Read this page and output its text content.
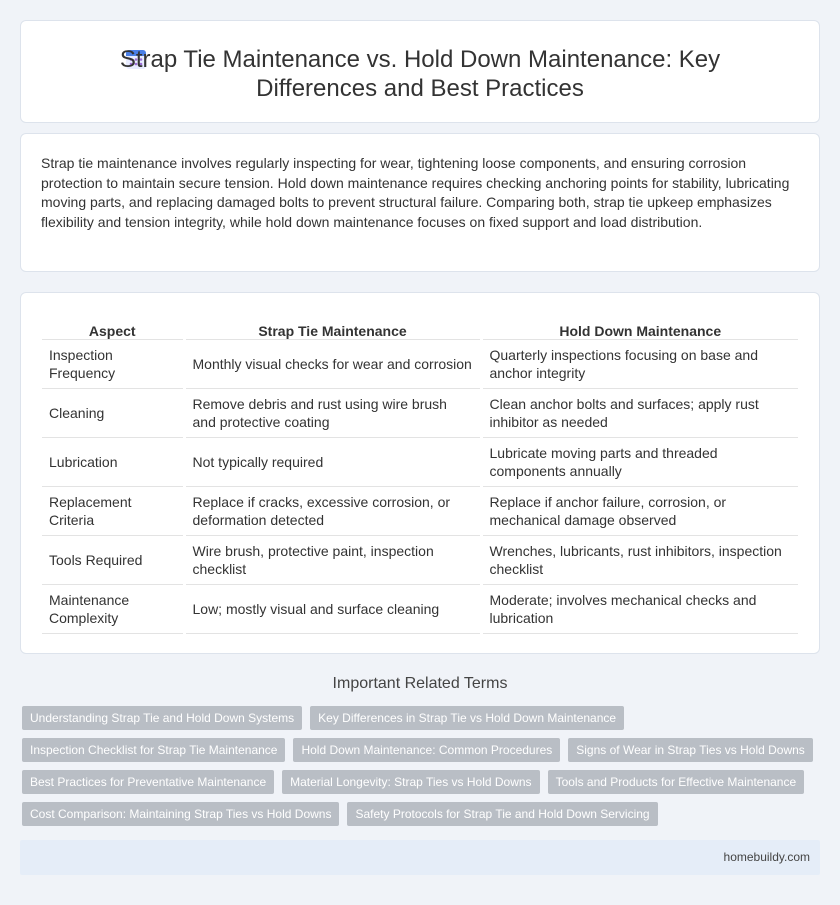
Strap Tie Maintenance vs. Hold Down Maintenance: Key Differences and Best Practices

Strap tie maintenance involves regularly inspecting for wear, tightening loose components, and ensuring corrosion protection to maintain secure tension. Hold down maintenance requires checking anchoring points for stability, lubricating moving parts, and replacing damaged bolts to prevent structural failure. Comparing both, strap tie upkeep emphasizes flexibility and tension integrity, while hold down maintenance focuses on fixed support and load distribution.

Aspect	Strap Tie Maintenance	Hold Down Maintenance
Inspection Frequency	Monthly visual checks for wear and corrosion	Quarterly inspections focusing on base and anchor integrity
Cleaning	Remove debris and rust using wire brush and protective coating	Clean anchor bolts and surfaces; apply rust inhibitor as needed
Lubrication	Not typically required	Lubricate moving parts and threaded components annually
Replacement Criteria	Replace if cracks, excessive corrosion, or deformation detected	Replace if anchor failure, corrosion, or mechanical damage observed
Tools Required	Wire brush, protective paint, inspection checklist	Wrenches, lubricants, rust inhibitors, inspection checklist
Maintenance Complexity	Low; mostly visual and surface cleaning	Moderate; involves mechanical checks and lubrication
Important Related Terms
Understanding Strap Tie and Hold Down Systems	Key Differences in Strap Tie vs Hold Down Maintenance
Inspection Checklist for Strap Tie Maintenance	Hold Down Maintenance: Common Procedures	Signs of Wear in Strap Ties vs Hold Downs
Best Practices for Preventative Maintenance	Material Longevity: Strap Ties vs Hold Downs	Tools and Products for Effective Maintenance
Cost Comparison: Maintaining Strap Ties vs Hold Downs	Safety Protocols for Strap Tie and Hold Down Servicing
homebuildy.com
